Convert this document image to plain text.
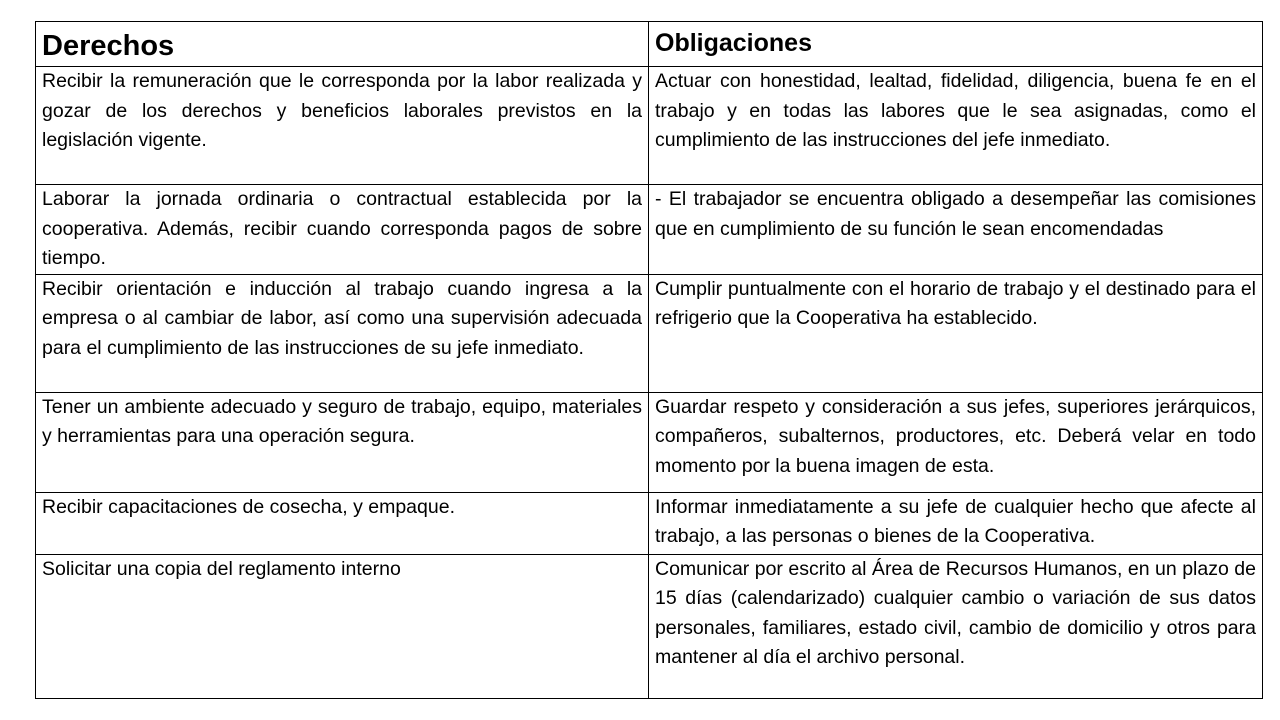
Derechos	Obligaciones

Recibir la remuneración que le corresponda por la labor realizada y gozar de los derechos y beneficios laborales previstos en la legislación vigente.	Actuar con honestidad, lealtad, fidelidad, diligencia, buena fe en el trabajo y en todas las labores que le sea asignadas, como el cumplimiento de las instrucciones del jefe inmediato.

Laborar la jornada ordinaria o contractual establecida por la cooperativa. Además, recibir cuando corresponda pagos de sobre tiempo.	- El trabajador se encuentra obligado a desempeñar las comisiones que en cumplimiento de su función le sean encomendadas

Recibir orientación e inducción al trabajo cuando ingresa a la empresa o al cambiar de labor, así como una supervisión adecuada para el cumplimiento de las instrucciones de su jefe inmediato.	Cumplir puntualmente con el horario de trabajo y el destinado para el refrigerio que la Cooperativa ha establecido.

Tener un ambiente adecuado y seguro de trabajo, equipo, materiales y herramientas para una operación segura.	Guardar respeto y consideración a sus jefes, superiores jerárquicos, compañeros, subalternos, productores, etc. Deberá velar en todo momento por la buena imagen de esta.

Recibir capacitaciones de cosecha, y empaque.	Informar inmediatamente a su jefe de cualquier hecho que afecte al trabajo, a las personas o bienes de la Cooperativa.

Solicitar una copia del reglamento interno	Comunicar por escrito al Área de Recursos Humanos, en un plazo de 15 días (calendarizado) cualquier cambio o variación de sus datos personales, familiares, estado civil, cambio de domicilio y otros para mantener al día el archivo personal.
